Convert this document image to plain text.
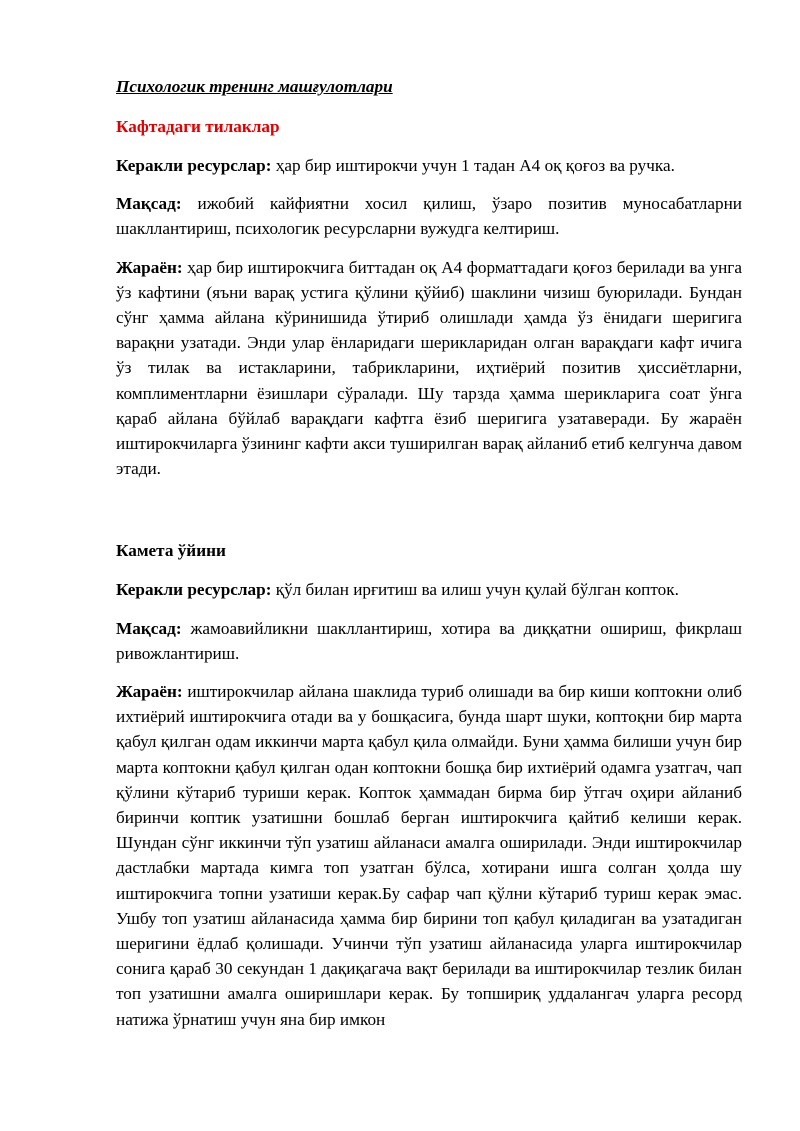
Психологик тренинг машғулотлари
Кафтадаги тилаклар
Керакли ресурслар: ҳар бир иштирокчи учун 1 тадан А4 оқ қоғоз ва ручка.
Мақсад: ижобий кайфиятни хосил қилиш, ўзаро позитив муносабатларни шакллантириш, психологик ресурсларни вужудга келтириш.
Жараён: ҳар бир иштирокчига биттадан оқ А4 форматтадаги қоғоз берилади ва унга ўз кафтини (яъни варақ устига қўлини қўйиб) шаклини чизиш буюрилади. Бундан сўнг ҳамма айлана кўринишида ўтириб олишлади ҳамда ўз ёнидаги шеригига варақни узатади. Энди улар ёнларидаги шерикларидан олган варақдаги кафт ичига ўз тилак ва истакларини, табрикларини, иҳтиёрий позитив ҳиссиётларни, комплиментларни ёзишлари сўралади. Шу тарзда ҳамма шерикларига соат ўнга қараб айлана бўйлаб варақдаги кафтга ёзиб шеригига узатаверади. Бу жараён иштирокчиларга ўзининг кафти акси туширилган варақ айланиб етиб келгунча давом этади.
Камета ўйини
Керакли ресурслар: қўл билан ирғитиш ва илиш учун қулай бўлган копток.
Мақсад: жамоавийликни шакллантириш, хотира ва диққатни ошириш, фикрлаш ривожлантириш.
Жараён: иштирокчилар айлана шаклида туриб олишади ва бир киши коптокни олиб ихтиёрий иштирокчига отади ва у бошқасига, бунда шарт шуки, коптоқни бир марта қабул қилган одам иккинчи марта қабул қила олмайди. Буни ҳамма билиши учун бир марта коптокни қабул қилган одан коптокни бошқа бир ихтиёрий одамга узатгач, чап қўлини кўтариб туриши керак. Копток ҳаммадан бирма бир ўтгач оҳири айланиб биринчи коптик узатишни бошлаб берган иштирокчига қайтиб келиши керак. Шундан сўнг иккинчи тўп узатиш айланаси амалга оширилади. Энди иштирокчилар дастлабки мартада кимга топ узатган бўлса, хотирани ишга солган ҳолда шу иштирокчига топни узатиши керак.Бу сафар чап қўлни кўтариб туриш керак эмас. Ушбу топ узатиш айланасида ҳамма бир бирини топ қабул қиладиган ва узатадиган шеригини ёдлаб қолишади. Учинчи тўп узатиш айланасида уларга иштирокчилар сонига қараб 30 секундан 1 дақиқагача вақт берилади ва иштирокчилар тезлик билан топ узатишни амалга оширишлари керак. Бу топшириқ уддалангач уларга ресорд натижа ўрнатиш учун яна бир имкон
